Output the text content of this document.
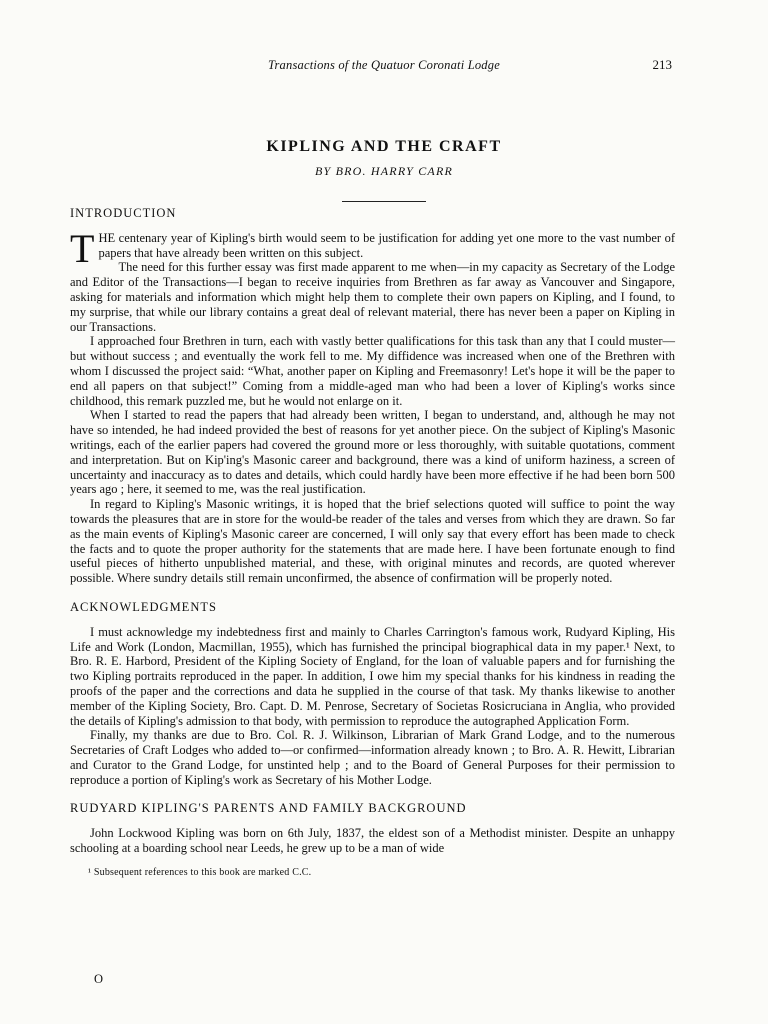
Transactions of the Quatuor Coronati Lodge	213
KIPLING AND THE CRAFT
BY BRO. HARRY CARR
INTRODUCTION

THE centenary year of Kipling's birth would seem to be justification for adding yet one more to the vast number of papers that have already been written on this subject.

The need for this further essay was first made apparent to me when—in my capacity as Secretary of the Lodge and Editor of the Transactions—I began to receive inquiries from Brethren as far away as Vancouver and Singapore, asking for materials and information which might help them to complete their own papers on Kipling, and I found, to my surprise, that while our library contains a great deal of relevant material, there has never been a paper on Kipling in our Transactions.

I approached four Brethren in turn, each with vastly better qualifications for this task than any that I could muster—but without success ; and eventually the work fell to me. My diffidence was increased when one of the Brethren with whom I discussed the project said: “What, another paper on Kipling and Freemasonry! Let's hope it will be the paper to end all papers on that subject!” Coming from a middle-aged man who had been a lover of Kipling's works since childhood, this remark puzzled me, but he would not enlarge on it.

When I started to read the papers that had already been written, I began to understand, and, although he may not have so intended, he had indeed provided the best of reasons for yet another piece. On the subject of Kipling's Masonic writings, each of the earlier papers had covered the ground more or less thoroughly, with suitable quotations, comment and interpretation. But on Kip'ing's Masonic career and background, there was a kind of uniform haziness, a screen of uncertainty and inaccuracy as to dates and details, which could hardly have been more effective if he had been born 500 years ago ; here, it seemed to me, was the real justification.

In regard to Kipling's Masonic writings, it is hoped that the brief selections quoted will suffice to point the way towards the pleasures that are in store for the would-be reader of the tales and verses from which they are drawn. So far as the main events of Kipling's Masonic career are concerned, I will only say that every effort has been made to check the facts and to quote the proper authority for the statements that are made here. I have been fortunate enough to find useful pieces of hitherto unpublished material, and these, with original minutes and records, are quoted wherever possible. Where sundry details still remain unconfirmed, the absence of confirmation will be properly noted.

ACKNOWLEDGMENTS

I must acknowledge my indebtedness first and mainly to Charles Carrington's famous work, Rudyard Kipling, His Life and Work (London, Macmillan, 1955), which has furnished the principal biographical data in my paper.¹ Next, to Bro. R. E. Harbord, President of the Kipling Society of England, for the loan of valuable papers and for furnishing the two Kipling portraits reproduced in the paper. In addition, I owe him my special thanks for his kindness in reading the proofs of the paper and the corrections and data he supplied in the course of that task. My thanks likewise to another member of the Kipling Society, Bro. Capt. D. M. Penrose, Secretary of Societas Rosicruciana in Anglia, who provided the details of Kipling's admission to that body, with permission to reproduce the autographed Application Form.

Finally, my thanks are due to Bro. Col. R. J. Wilkinson, Librarian of Mark Grand Lodge, and to the numerous Secretaries of Craft Lodges who added to—or confirmed—information already known ; to Bro. A. R. Hewitt, Librarian and Curator to the Grand Lodge, for unstinted help ; and to the Board of General Purposes for their permission to reproduce a portion of Kipling's work as Secretary of his Mother Lodge.

RUDYARD KIPLING'S PARENTS AND FAMILY BACKGROUND

John Lockwood Kipling was born on 6th July, 1837, the eldest son of a Methodist minister. Despite an unhappy schooling at a boarding school near Leeds, he grew up to be a man of wide

¹ Subsequent references to this book are marked C.C.
O
